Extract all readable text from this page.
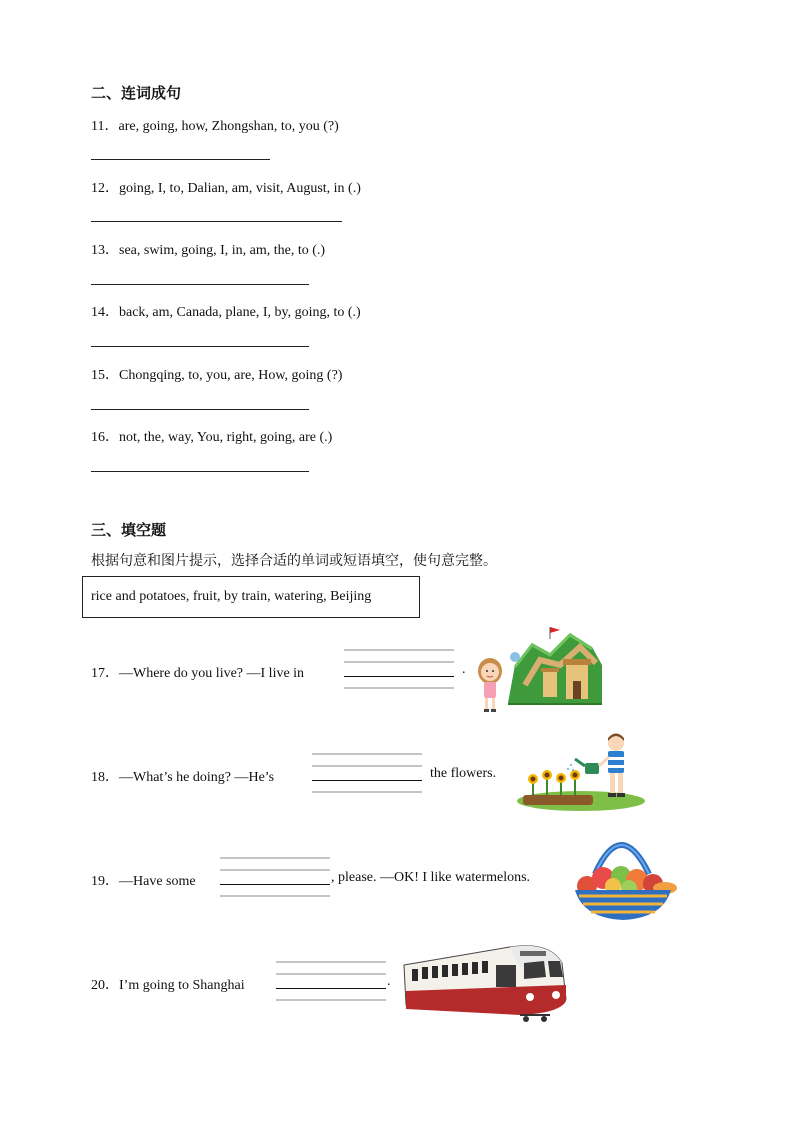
二、连词成句
11．are, going, how, Zhongshan, to, you (?)
12．going, I, to, Dalian, am, visit, August, in (.)
13．sea, swim, going, I, in, am, the, to (.)
14．back, am, Canada, plane, I, by, going, to (.)
15．Chongqing, to, you, are, How, going (?)
16．not, the, way, You, right, going, are (.)
三、填空题
根据句意和图片提示，选择合适的单词或短语填空，使句意完整。
rice and potatoes, fruit, by train, watering, Beijing
17．—Where do you live? —I live in	.
18．—What’s he doing? —He’s	the flowers.
19．—Have some	, please. —OK! I like watermelons.
20．I’m going to Shanghai	.
